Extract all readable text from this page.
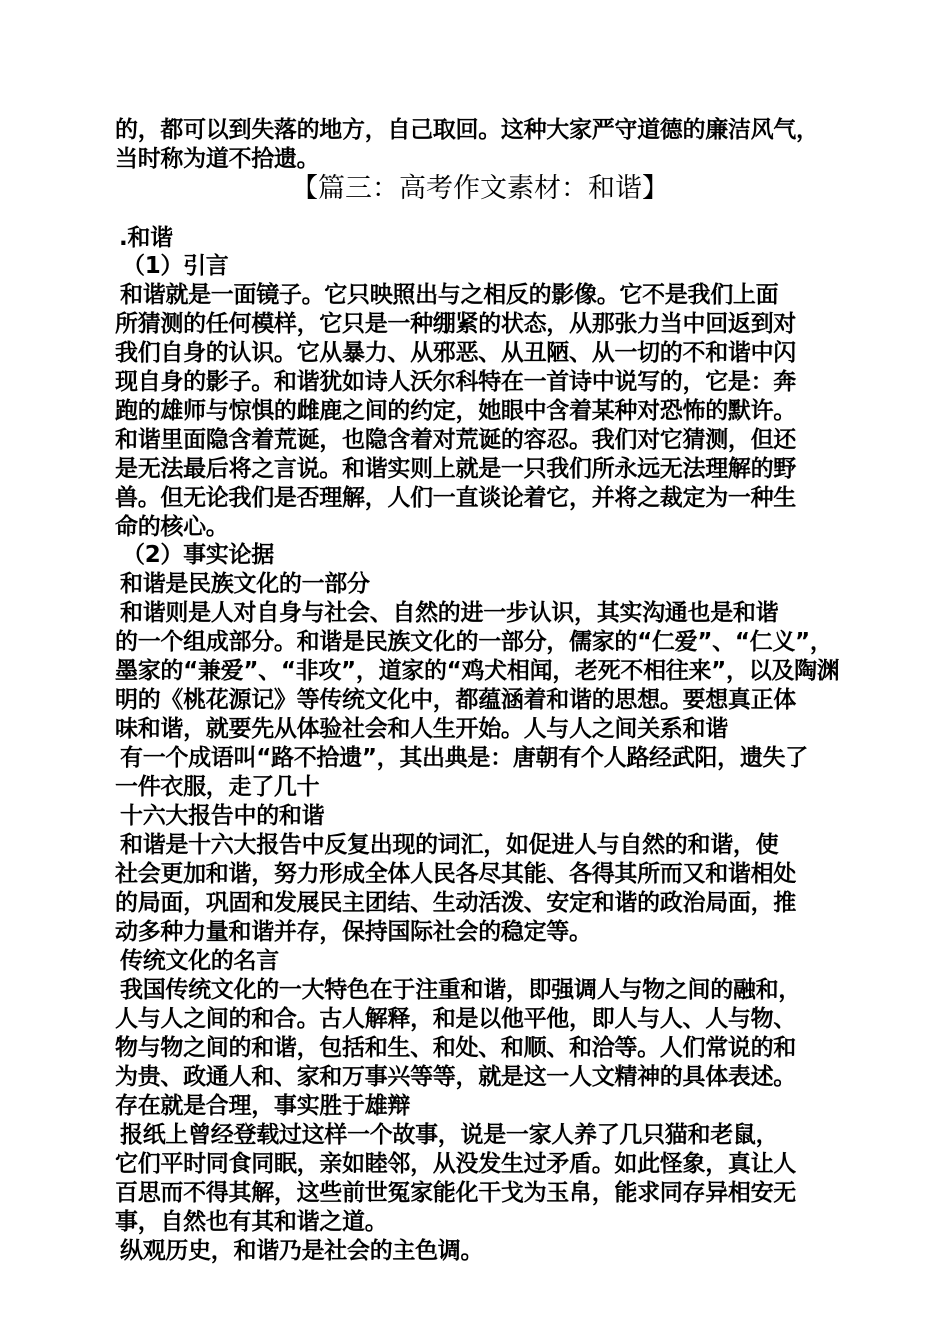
的，都可以到失落的地方，自己取回。这种大家严守道德的廉洁风气，
当时称为道不拾遗。
【篇三：高考作文素材：和谐】
.和谐
（1）引言
和谐就是一面镜子。它只映照出与之相反的影像。它不是我们上面
所猜测的任何模样，它只是一种绷紧的状态，从那张力当中回返到对
我们自身的认识。它从暴力、从邪恶、从丑陋、从一切的不和谐中闪
现自身的影子。和谐犹如诗人沃尔科特在一首诗中说写的，它是：奔
跑的雄师与惊惧的雌鹿之间的约定，她眼中含着某种对恐怖的默许。
和谐里面隐含着荒诞，也隐含着对荒诞的容忍。我们对它猜测，但还
是无法最后将之言说。和谐实则上就是一只我们所永远无法理解的野
兽。但无论我们是否理解，人们一直谈论着它，并将之裁定为一种生
命的核心。
（2）事实论据
和谐是民族文化的一部分
和谐则是人对自身与社会、自然的进一步认识，其实沟通也是和谐
的一个组成部分。和谐是民族文化的一部分，儒家的“仁爱”、“仁义”，
墨家的“兼爱”、“非攻”，道家的“鸡犬相闻，老死不相往来”，以及陶渊
明的《桃花源记》等传统文化中，都蕴涵着和谐的思想。要想真正体
味和谐，就要先从体验社会和人生开始。人与人之间关系和谐
有一个成语叫“路不拾遗”，其出典是：唐朝有个人路经武阳，遗失了
一件衣服，走了几十
十六大报告中的和谐
和谐是十六大报告中反复出现的词汇，如促进人与自然的和谐，使
社会更加和谐，努力形成全体人民各尽其能、各得其所而又和谐相处
的局面，巩固和发展民主团结、生动活泼、安定和谐的政治局面，推
动多种力量和谐并存，保持国际社会的稳定等。
传统文化的名言
我国传统文化的一大特色在于注重和谐，即强调人与物之间的融和，
人与人之间的和合。古人解释，和是以他平他，即人与人、人与物、
物与物之间的和谐，包括和生、和处、和顺、和洽等。人们常说的和
为贵、政通人和、家和万事兴等等，就是这一人文精神的具体表述。
存在就是合理，事实胜于雄辩
报纸上曾经登载过这样一个故事，说是一家人养了几只猫和老鼠，
它们平时同食同眠，亲如睦邻，从没发生过矛盾。如此怪象，真让人
百思而不得其解，这些前世冤家能化干戈为玉帛，能求同存异相安无
事，自然也有其和谐之道。
纵观历史，和谐乃是社会的主色调。
